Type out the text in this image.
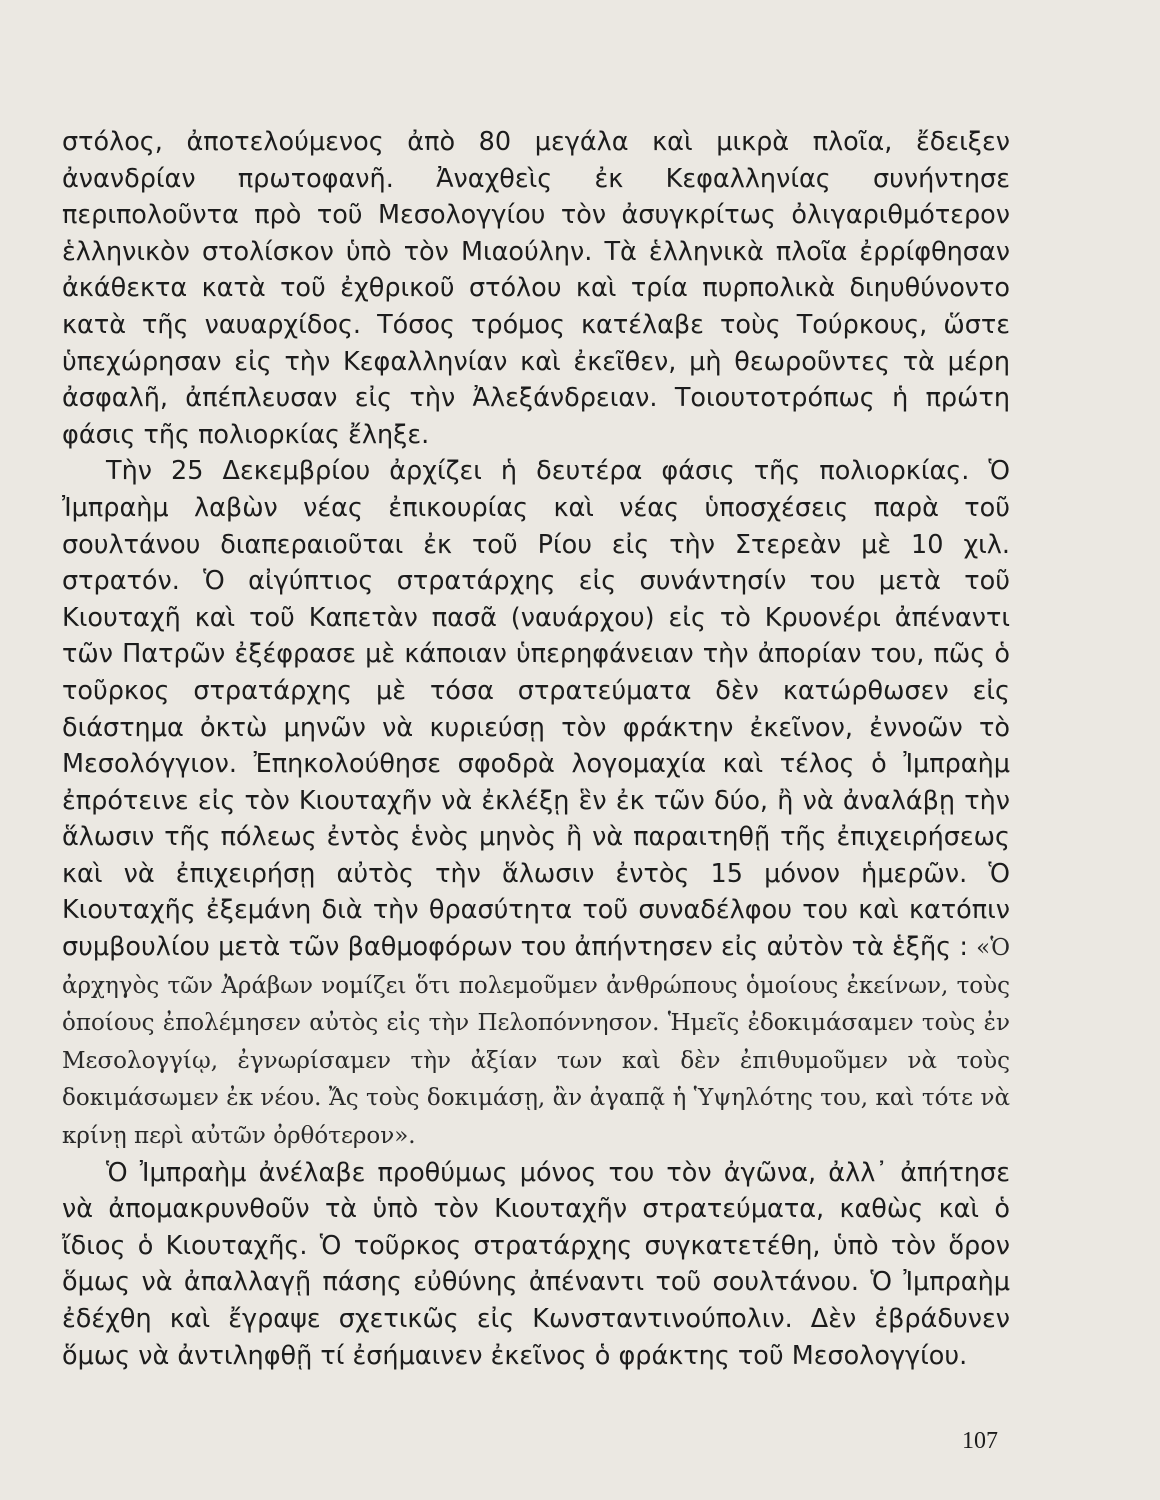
στόλος, ἀποτελούμενος ἀπὸ 80 μεγάλα καὶ μικρὰ πλοῖα, ἔδειξεν ἀνανδρίαν πρωτοφανῆ. Ἀναχθεὶς ἐκ Κεφαλληνίας συνήντησε περιπολοῦντα πρὸ τοῦ Μεσολογγίου τὸν ἀσυγκρίτως ὀλιγαριθμότερον ἑλληνικὸν στολίσκον ὑπὸ τὸν Μιαούλην. Τὰ ἑλληνικὰ πλοῖα ἐρρίφθησαν ἀκάθεκτα κατὰ τοῦ ἐχθρικοῦ στόλου καὶ τρία πυρπολικὰ διηυθύνοντο κατὰ τῆς ναυαρχίδος. Τόσος τρόμος κατέλαβε τοὺς Τούρκους, ὥστε ὑπεχώρησαν εἰς τὴν Κεφαλληνίαν καὶ ἐκεῖθεν, μὴ θεωροῦντες τὰ μέρη ἀσφαλῆ, ἀπέπλευσαν εἰς τὴν Ἀλεξάνδρειαν. Τοιουτοτρόπως ἡ πρώτη φάσις τῆς πολιορκίας ἔληξε.

Τὴν 25 Δεκεμβρίου ἀρχίζει ἡ δευτέρα φάσις τῆς πολιορκίας. Ὁ Ἰμπραὴμ λαβὼν νέας ἐπικουρίας καὶ νέας ὑποσχέσεις παρὰ τοῦ σουλτάνου διαπεραιοῦται ἐκ τοῦ Ρίου εἰς τὴν Στερεὰν μὲ 10 χιλ. στρατόν. Ὁ αἰγύπτιος στρατάρχης εἰς συνάντησίν του μετὰ τοῦ Κιουταχῆ καὶ τοῦ Καπετὰν πασᾶ (ναυάρχου) εἰς τὸ Κρυονέρι ἀπέναντι τῶν Πατρῶν ἐξέφρασε μὲ κάποιαν ὑπερηφάνειαν τὴν ἀπορίαν του, πῶς ὁ τοῦρκος στρατάρχης μὲ τόσα στρατεύματα δὲν κατώρθωσεν εἰς διάστημα ὀκτὼ μηνῶν νὰ κυριεύσῃ τὸν φράκτην ἐκεῖνον, ἐννοῶν τὸ Μεσολόγγιον. Ἐπηκολούθησε σφοδρὰ λογομαχία καὶ τέλος ὁ Ἰμπραὴμ ἐπρότεινε εἰς τὸν Κιουταχῆν νὰ ἐκλέξῃ ἓν ἐκ τῶν δύο, ἢ νὰ ἀναλάβῃ τὴν ἅλωσιν τῆς πόλεως ἐντὸς ἑνὸς μηνὸς ἢ νὰ παραιτηθῇ τῆς ἐπιχειρήσεως καὶ νὰ ἐπιχειρήσῃ αὐτὸς τὴν ἅλωσιν ἐντὸς 15 μόνον ἡμερῶν. Ὁ Κιουταχῆς ἐξεμάνη διὰ τὴν θρασύτητα τοῦ συναδέλφου του καὶ κατόπιν συμβουλίου μετὰ τῶν βαθμοφόρων του ἀπήντησεν εἰς αὐτὸν τὰ ἑξῆς : «Ὁ ἀρχηγὸς τῶν Ἀράβων νομίζει ὅτι πολεμοῦμεν ἀνθρώπους ὁμοίους ἐκείνων, τοὺς ὁποίους ἐπολέμησεν αὐτὸς εἰς τὴν Πελοπόννησον. Ἡμεῖς ἐδοκιμάσαμεν τοὺς ἐν Μεσολογγίῳ, ἐγνωρίσαμεν τὴν ἀξίαν των καὶ δὲν ἐπιθυμοῦμεν νὰ τοὺς δοκιμάσωμεν ἐκ νέου. Ἄς τοὺς δοκιμάσῃ, ἂν ἀγαπᾷ ἡ Ὑψηλότης του, καὶ τότε νὰ κρίνῃ περὶ αὐτῶν ὀρθότερον».

Ὁ Ἰμπραὴμ ἀνέλαβε προθύμως μόνος του τὸν ἀγῶνα, ἀλλ᾽ ἀπήτησε νὰ ἀπομακρυνθοῦν τὰ ὑπὸ τὸν Κιουταχῆν στρατεύματα, καθὼς καὶ ὁ ἴδιος ὁ Κιουταχῆς. Ὁ τοῦρκος στρατάρχης συγκατετέθη, ὑπὸ τὸν ὅρον ὅμως νὰ ἀπαλλαγῇ πάσης εὐθύνης ἀπέναντι τοῦ σουλτάνου. Ὁ Ἰμπραὴμ ἐδέχθη καὶ ἔγραψε σχετικῶς εἰς Κωνσταντινούπολιν. Δὲν ἐβράδυνεν ὅμως νὰ ἀντιληφθῇ τί ἐσήμαινεν ἐκεῖνος ὁ φράκτης τοῦ Μεσολογγίου.

107
